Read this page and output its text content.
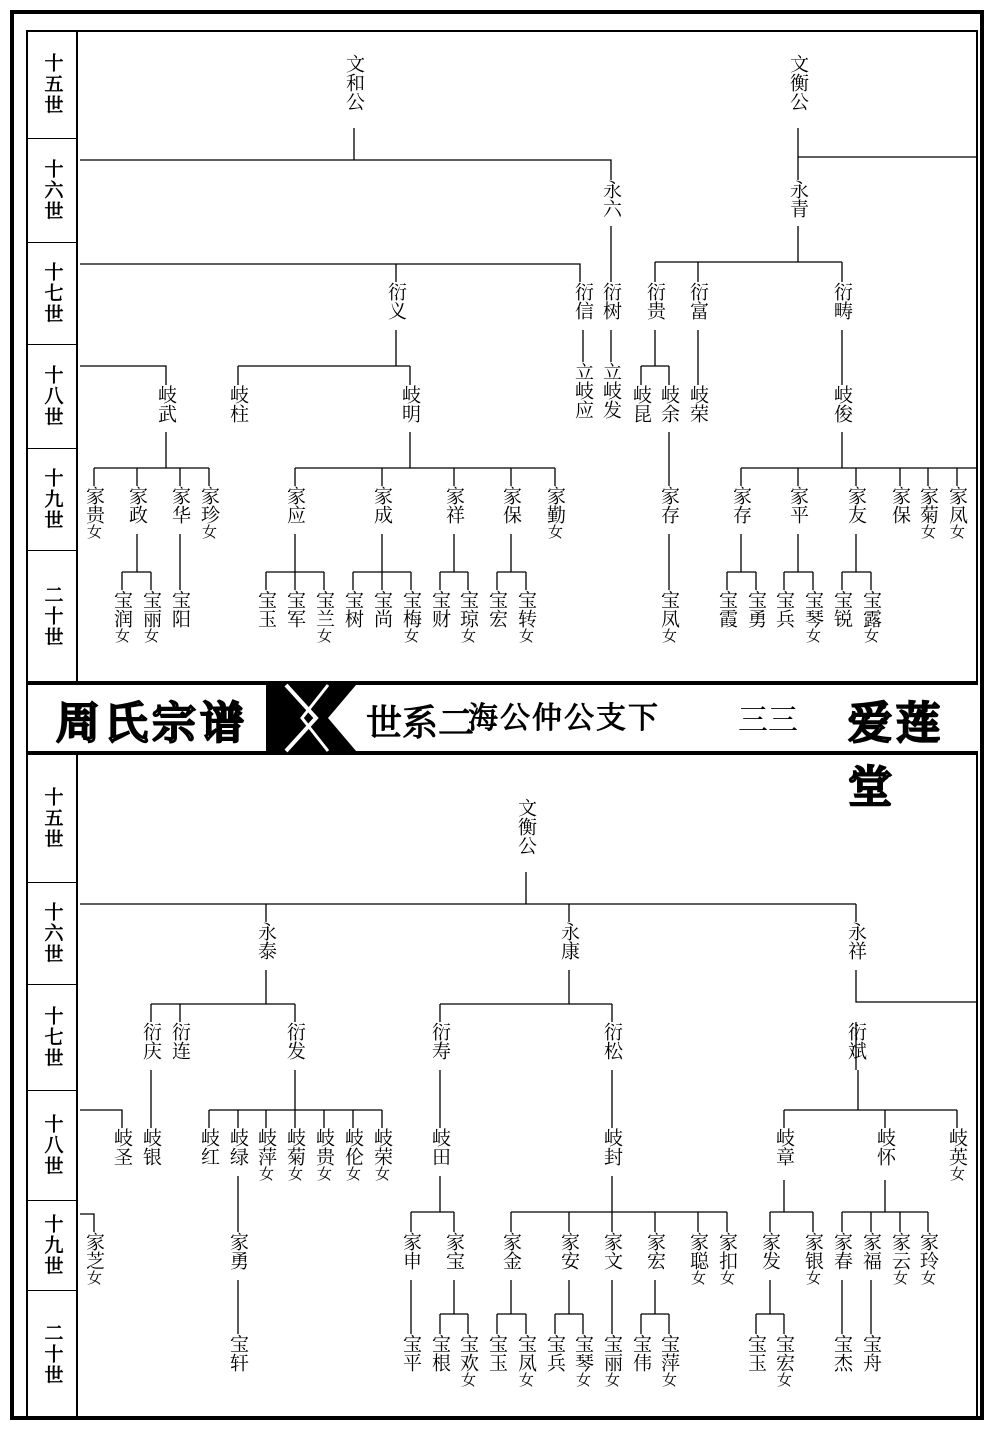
十五世
十六世
十七世
十八世
十九世
二十世
十五世
十六世
十七世
十八世
十九世
二十世
文和公	文衡公
永六	永青
衍义	衍信 衍树 衍贵 衍富	衍畴
岐武	岐柱	岐明	立岐应 立岐发 岐昆 岐余 岐荣	岐俊
家贵女
家政 家华 家珍女
家应	家成	家祥 家保 家勤女
家存	家存 家平 家友 家保 家菊女
家凤女
宝润女
宝丽女
宝阳	宝玉 宝军 宝兰女
宝树 宝尚 宝梅女
宝财 宝琼女
宝宏 宝转女
宝凤女
宝霞 宝勇 宝兵 宝琴女
宝锐 宝露女
周氏宗谱	世系二
海公仲公支下	三三 爱莲堂
文衡公
永泰	永康	永祥
衍庆 衍连	衍发	衍寿	衍松	衍斌
岐圣 岐银 岐红 岐绿 岐萍女
岐菊女
岐贵女
岐伦女
岐荣女
岐田	岐封	岐章	岐怀	岐英女
家芝女
家勇	家申 家宝 家金 家安 家文 家宏 家聪女
家扣女
家发 家银女
家春 家福 家云女
家玲女
宝轩	宝平 宝根 宝欢女
宝玉 宝凤女
宝兵 宝琴女
宝丽女
宝伟 宝萍女
宝玉 宝宏女
宝杰 宝舟
